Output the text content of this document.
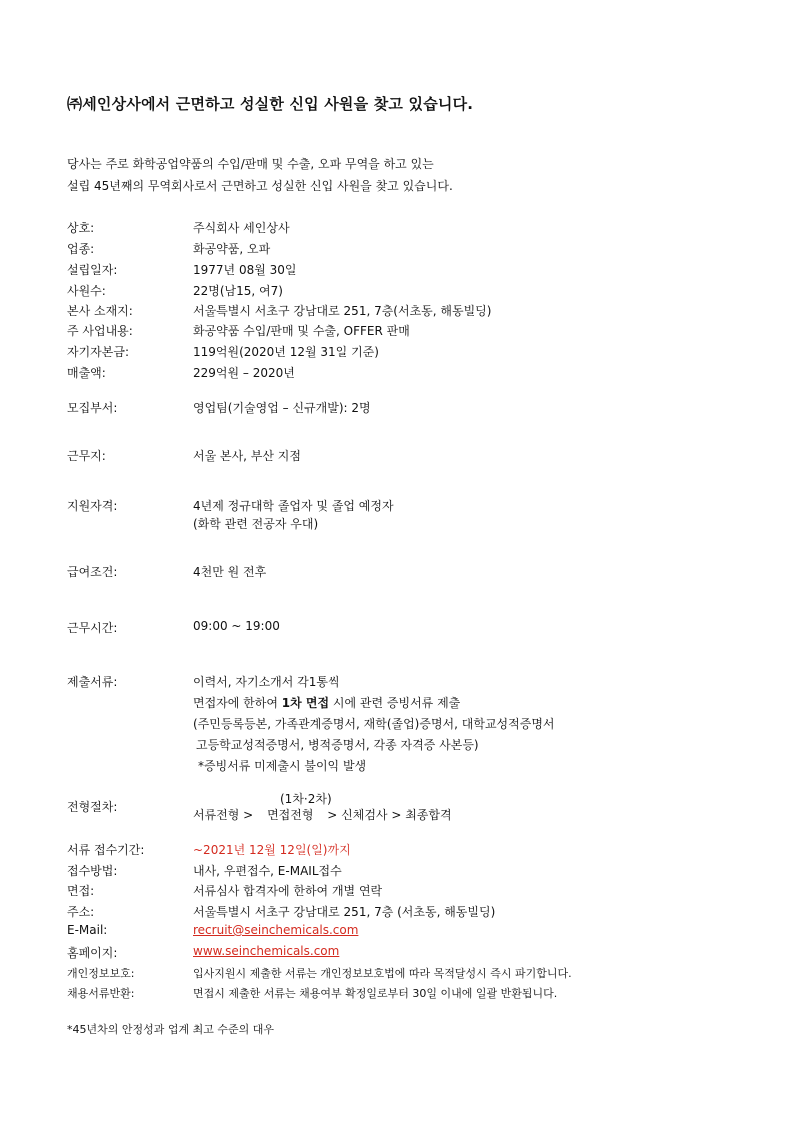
㈜세인상사에서 근면하고 성실한 신입 사원을 찾고 있습니다.
당사는 주로 화학공업약품의 수입/판매 및 수출, 오파 무역을 하고 있는
설립 45년째의 무역회사로서 근면하고 성실한 신입 사원을 찾고 있습니다.
상호:	주식회사 세인상사
업종:	화공약품, 오파
설립일자:	1977년 08월 30일
사원수:	22명(남15, 여7)
본사 소재지:	서울특별시 서초구 강남대로 251, 7층(서초동, 해동빌딩)
주 사업내용:	화공약품 수입/판매 및 수출, OFFER 판매
자기자본금:	119억원(2020년 12월 31일 기준)
매출액:	229억원 – 2020년
모집부서:	영업팀(기술영업 – 신규개발): 2명
근무지:	서울 본사, 부산 지점
지원자격:	4년제 정규대학 졸업자 및 졸업 예정자
(화학 관련 전공자 우대)
급여조건:	4천만 원 전후
근무시간:	09:00 ~ 19:00
제출서류:	이력서, 자기소개서 각1통씩
면접자에 한하여 1차 면접 시에 관련 증빙서류 제출
(주민등록등본, 가족관계증명서, 재학(졸업)증명서, 대학교성적증명서
고등학교성적증명서, 병적증명서, 각종 자격증 사본등)
*증빙서류 미제출시 불이익 발생
(1차·2차)
전형절차:
서류전형 > 면접전형 > 신체검사 > 최종합격
서류 접수기간:	~2021년 12월 12일(일)까지
접수방법:	내사, 우편접수, E-MAIL접수
면접:	서류심사 합격자에 한하여 개별 연락
주소:	서울특별시 서초구 강남대로 251, 7층 (서초동, 해동빌딩)
E-Mail:	recruit@seinchemicals.com
홈페이지:	www.seinchemicals.com
개인정보보호:	입사지원시 제출한 서류는 개인정보보호법에 따라 목적달성시 즉시 파기합니다.
채용서류반환:	면접시 제출한 서류는 채용여부 확정일로부터 30일 이내에 일괄 반환됩니다.
*45년차의 안정성과 업계 최고 수준의 대우
